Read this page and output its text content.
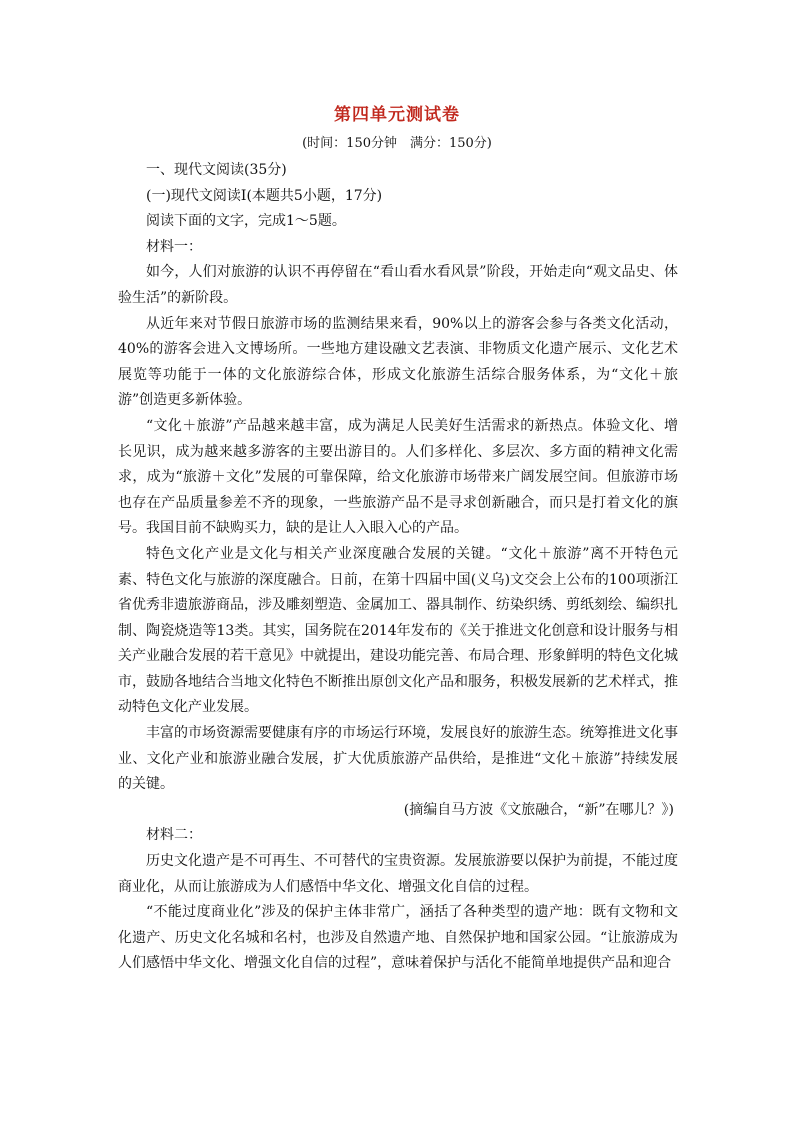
第四单元测试卷
(时间：150分钟　满分：150分)

一、现代文阅读(35分)

(一)现代文阅读Ⅰ(本题共5小题，17分)

阅读下面的文字，完成1～5题。

材料一：

如今，人们对旅游的认识不再停留在“看山看水看风景”阶段，开始走向“观文品史、体验生活”的新阶段。

从近年来对节假日旅游市场的监测结果来看，90%以上的游客会参与各类文化活动，40%的游客会进入文博场所。一些地方建设融文艺表演、非物质文化遗产展示、文化艺术展览等功能于一体的文化旅游综合体，形成文化旅游生活综合服务体系，为“文化＋旅游”创造更多新体验。

“文化＋旅游”产品越来越丰富，成为满足人民美好生活需求的新热点。体验文化、增长见识，成为越来越多游客的主要出游目的。人们多样化、多层次、多方面的精神文化需求，成为“旅游＋文化”发展的可靠保障，给文化旅游市场带来广阔发展空间。但旅游市场也存在产品质量参差不齐的现象，一些旅游产品不是寻求创新融合，而只是打着文化的旗号。我国目前不缺购买力，缺的是让人入眼入心的产品。

特色文化产业是文化与相关产业深度融合发展的关键。“文化＋旅游”离不开特色元素、特色文化与旅游的深度融合。日前，在第十四届中国(义乌)文交会上公布的100项浙江省优秀非遗旅游商品，涉及雕刻塑造、金属加工、器具制作、纺染织绣、剪纸刻绘、编织扎制、陶瓷烧造等13类。其实，国务院在2014年发布的《关于推进文化创意和设计服务与相关产业融合发展的若干意见》中就提出，建设功能完善、布局合理、形象鲜明的特色文化城市，鼓励各地结合当地文化特色不断推出原创文化产品和服务，积极发展新的艺术样式，推动特色文化产业发展。

丰富的市场资源需要健康有序的市场运行环境，发展良好的旅游生态。统筹推进文化事业、文化产业和旅游业融合发展，扩大优质旅游产品供给，是推进“文化＋旅游”持续发展的关键。

(摘编自马方波《文旅融合，“新”在哪儿？》)

材料二：

历史文化遗产是不可再生、不可替代的宝贵资源。发展旅游要以保护为前提，不能过度商业化，从而让旅游成为人们感悟中华文化、增强文化自信的过程。

“不能过度商业化”涉及的保护主体非常广，涵括了各种类型的遗产地：既有文物和文化遗产、历史文化名城和名村，也涉及自然遗产地、自然保护地和国家公园。“让旅游成为人们感悟中华文化、增强文化自信的过程”，意味着保护与活化不能简单地提供产品和迎合
